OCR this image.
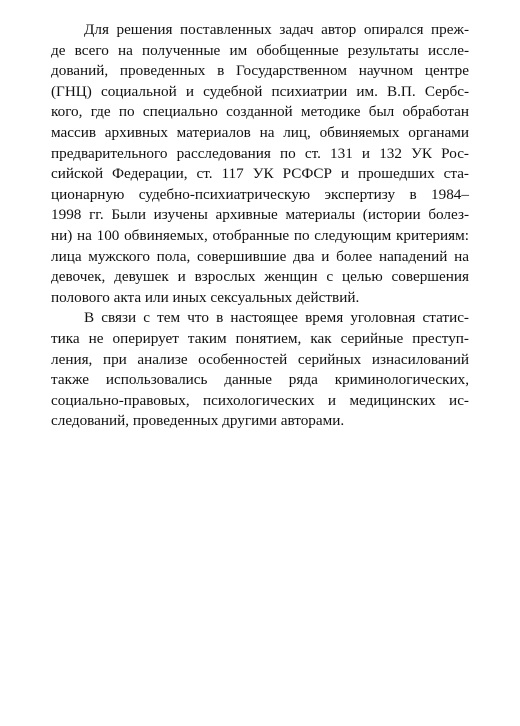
Для решения поставленных задач автор опирался преж-
де всего на полученные им обобщенные результаты иссле-
дований, проведенных в Государственном научном центре
(ГНЦ) социальной и судебной психиатрии им. В.П. Сербс-
кого, где по специально созданной методике был обработан
массив архивных материалов на лиц, обвиняемых органами
предварительного расследования по ст. 131 и 132 УК Рос-
сийской Федерации, ст. 117 УК РСФСР и прошедших ста-
ционарную судебно-психиатрическую экспертизу в 1984–
1998 гг. Были изучены архивные материалы (истории болез-
ни) на 100 обвиняемых, отобранные по следующим критериям:
лица мужского пола, совершившие два и более нападений на
девочек, девушек и взрослых женщин с целью совершения
полового акта или иных сексуальных действий.
В связи с тем что в настоящее время уголовная статис-
тика не оперирует таким понятием, как серийные преступ-
ления, при анализе особенностей серийных изнасилований
также использовались данные ряда криминологических,
социально-правовых, психологических и медицинских ис-
следований, проведенных другими авторами.
